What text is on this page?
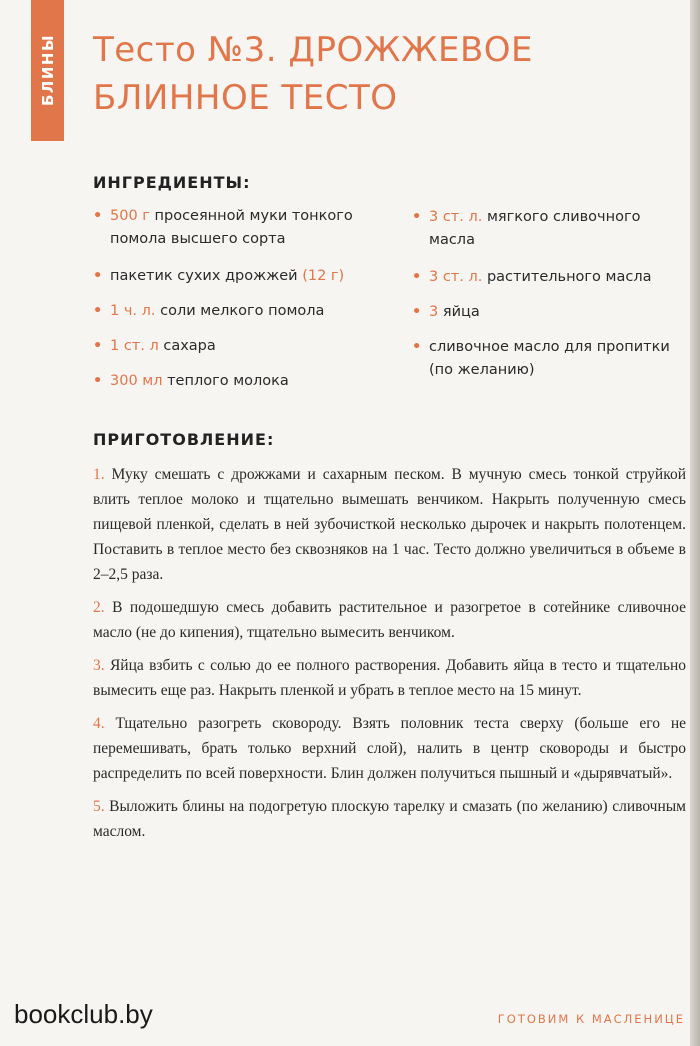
БЛИНЫ Тесто №3. ДРОЖЖЕВОЕ БЛИННОЕ ТЕСТО
ИНГРЕДИЕНТЫ:
• 500 г просеянной муки тонкого помола высшего сорта
• пакетик сухих дрожжей (12 г)
• 1 ч. л. соли мелкого помола
• 1 ст. л сахара
• 300 мл теплого молока
• 3 ст. л. мягкого сливочного масла
• 3 ст. л. растительного масла
• 3 яйца
• сливочное масло для пропитки (по желанию)
ПРИГОТОВЛЕНИЕ:

1. Муку смешать с дрожжами и сахарным песком. В мучную смесь тонкой струйкой влить теплое молоко и тщательно вымешать венчиком. Накрыть полученную смесь пищевой пленкой, сделать в ней зубочисткой несколько дырочек и накрыть полотенцем. Поставить в теплое место без сквозняков на 1 час. Тесто должно увеличиться в объеме в 2–2,5 раза.

2. В подошедшую смесь добавить растительное и разогретое в сотейнике сливочное масло (не до кипения), тщательно вымесить венчиком.

3. Яйца взбить с солью до ее полного растворения. Добавить яйца в тесто и тщательно вымесить еще раз. Накрыть пленкой и убрать в теплое место на 15 минут.

4. Тщательно разогреть сковороду. Взять половник теста сверху (больше его не перемешивать, брать только верхний слой), налить в центр сковороды и быстро распределить по всей поверхности. Блин должен получиться пышный и «дырявчатый».

5. Выложить блины на подогретую плоскую тарелку и смазать (по желанию) сливочным маслом.

bookclub.by	ГОТОВИМ К МАСЛЕНИЦЕ
